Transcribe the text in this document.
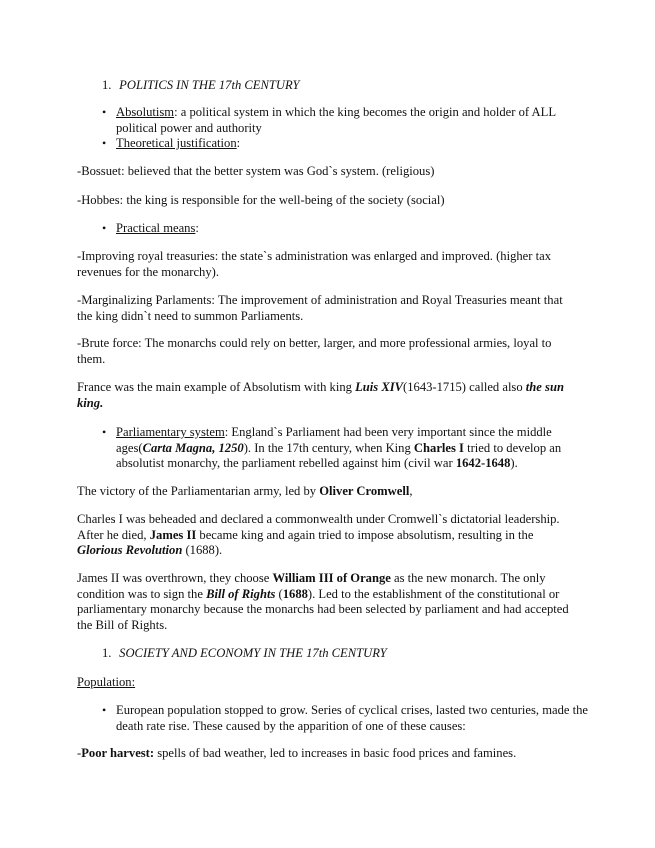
1. POLITICS IN THE 17th CENTURY

• Absolutism: a political system in which the king becomes the origin and holder of ALL political power and authority

• Theoretical justification:

-Bossuet: believed that the better system was God`s system. (religious)

-Hobbes: the king is responsible for the well-being of the society (social)

• Practical means:

-Improving royal treasuries: the state`s administration was enlarged and improved. (higher tax revenues for the monarchy).

-Marginalizing Parlaments: The improvement of administration and Royal Treasuries meant that the king didn`t need to summon Parliaments.

-Brute force: The monarchs could rely on better, larger, and more professional armies, loyal to them.

France was the main example of Absolutism with king Luis XIV(1643-1715) called also the sun king.

• Parliamentary system: England`s Parliament had been very important since the middle ages(Carta Magna, 1250). In the 17th century, when King Charles I tried to develop an absolutist monarchy, the parliament rebelled against him (civil war 1642-1648).

The victory of the Parliamentarian army, led by Oliver Cromwell,

Charles I was beheaded and declared a commonwealth under Cromwell`s dictatorial leadership. After he died, James II became king and again tried to impose absolutism, resulting in the Glorious Revolution (1688).

James II was overthrown, they choose William III of Orange as the new monarch. The only condition was to sign the Bill of Rights (1688). Led to the establishment of the constitutional or parliamentary monarchy because the monarchs had been selected by parliament and had accepted the Bill of Rights.

1. SOCIETY AND ECONOMY IN THE 17th CENTURY

Population:

• European population stopped to grow. Series of cyclical crises, lasted two centuries, made the death rate rise. These caused by the apparition of one of these causes:

-Poor harvest: spells of bad weather, led to increases in basic food prices and famines.
